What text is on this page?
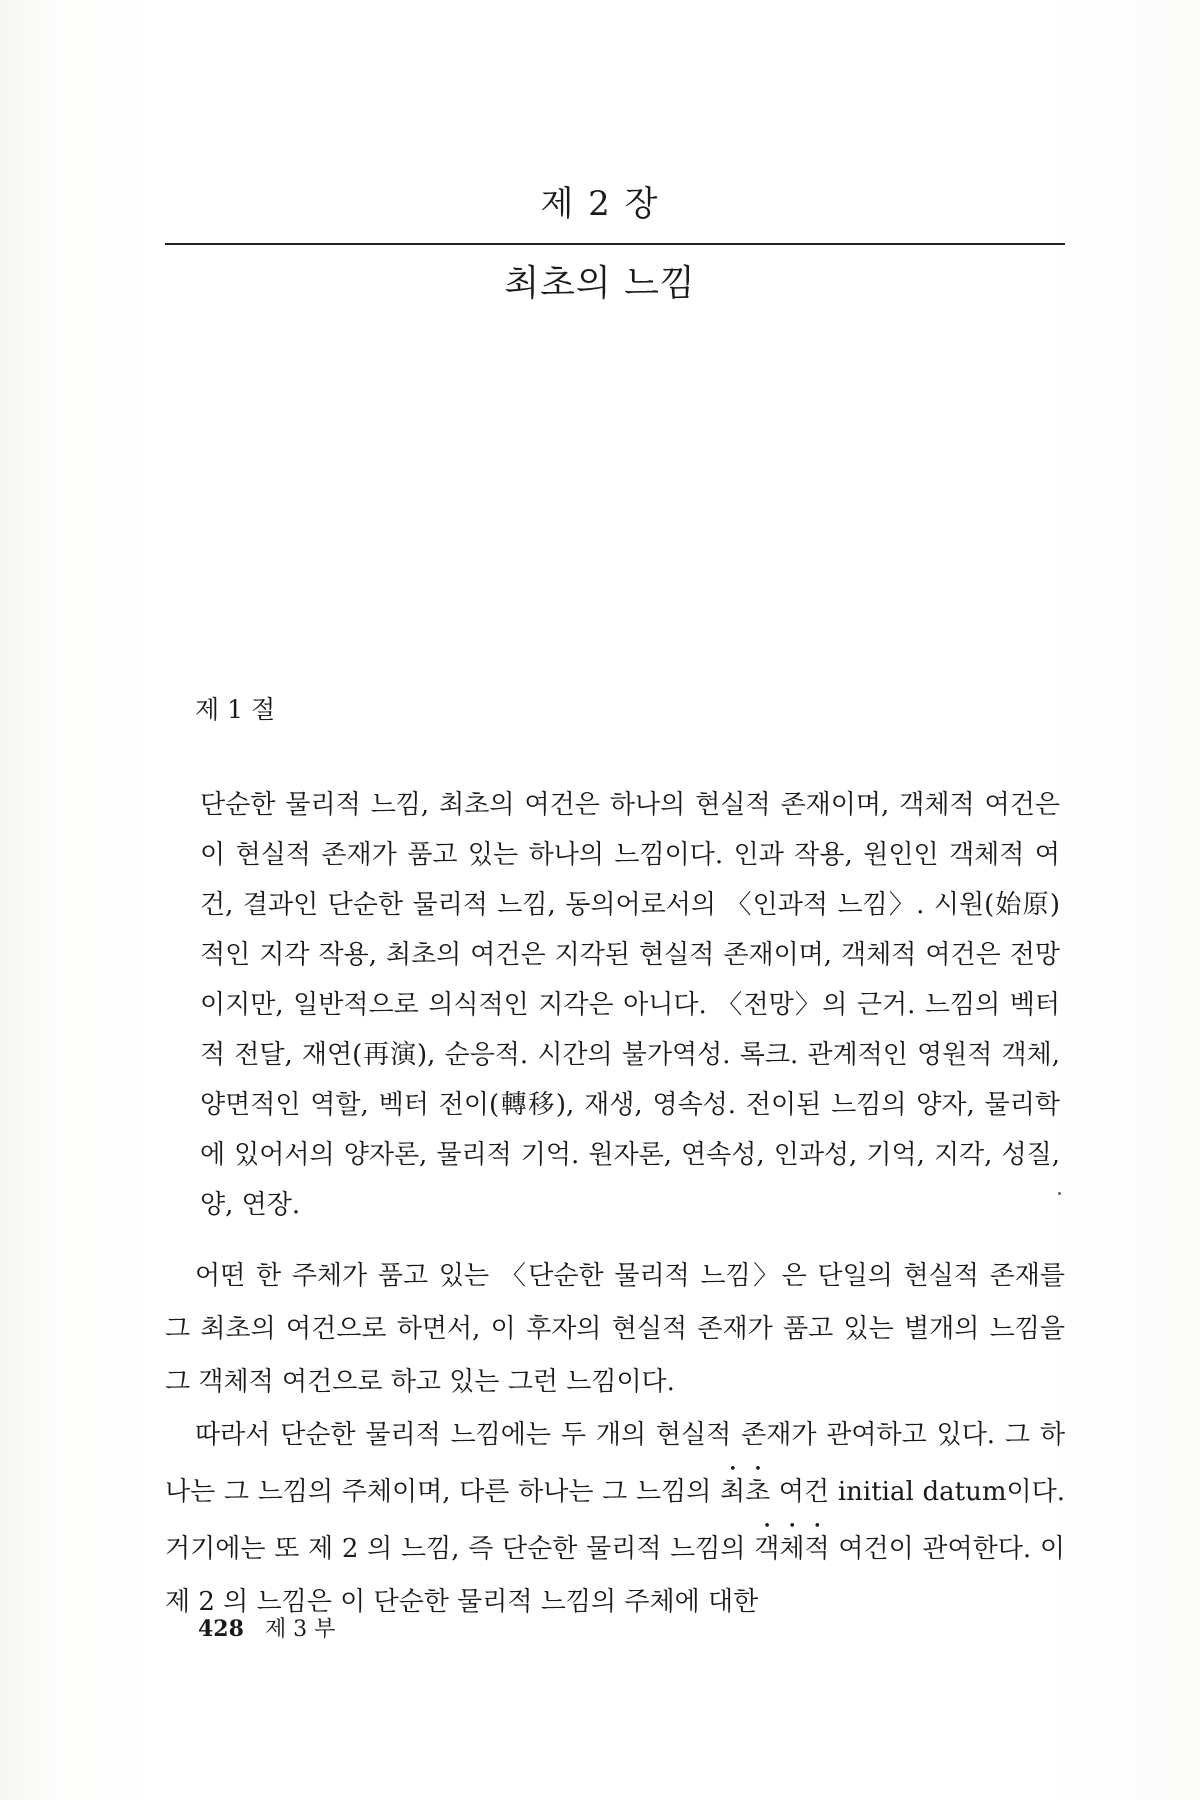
제 2 장
최초의 느낌
제 1 절

단순한 물리적 느낌, 최초의 여건은 하나의 현실적 존재이며, 객체적 여건은 이 현실적 존재가 품고 있는 하나의 느낌이다. 인과 작용, 원인인 객체적 여건, 결과인 단순한 물리적 느낌, 동의어로서의 〈인과적 느낌〉. 시원(始原)적인 지각 작용, 최초의 여건은 지각된 현실적 존재이며, 객체적 여건은 전망이지만, 일반적으로 의식적인 지각은 아니다. 〈전망〉의 근거. 느낌의 벡터적 전달, 재연(再演), 순응적. 시간의 불가역성. 록크. 관계적인 영원적 객체, 양면적인 역할, 벡터 전이(轉移), 재생, 영속성. 전이된 느낌의 양자, 물리학에 있어서의 양자론, 물리적 기억. 원자론, 연속성, 인과성, 기억, 지각, 성질, 양, 연장.

어떤 한 주체가 품고 있는 〈단순한 물리적 느낌〉은 단일의 현실적 존재를 그 최초의 여건으로 하면서, 이 후자의 현실적 존재가 품고 있는 별개의 느낌을 그 객체적 여건으로 하고 있는 그런 느낌이다.

따라서 단순한 물리적 느낌에는 두 개의 현실적 존재가 관여하고 있다. 그 하나는 그 느낌의 주체이며, 다른 하나는 그 느낌의 최초 여건 initial datum이다. 거기에는 또 제 2 의 느낌, 즉 단순한 물리적 느낌의 객체적 여건이 관여한다. 이 제 2 의 느낌은 이 단순한 물리적 느낌의 주체에 대한

428 제 3 부
